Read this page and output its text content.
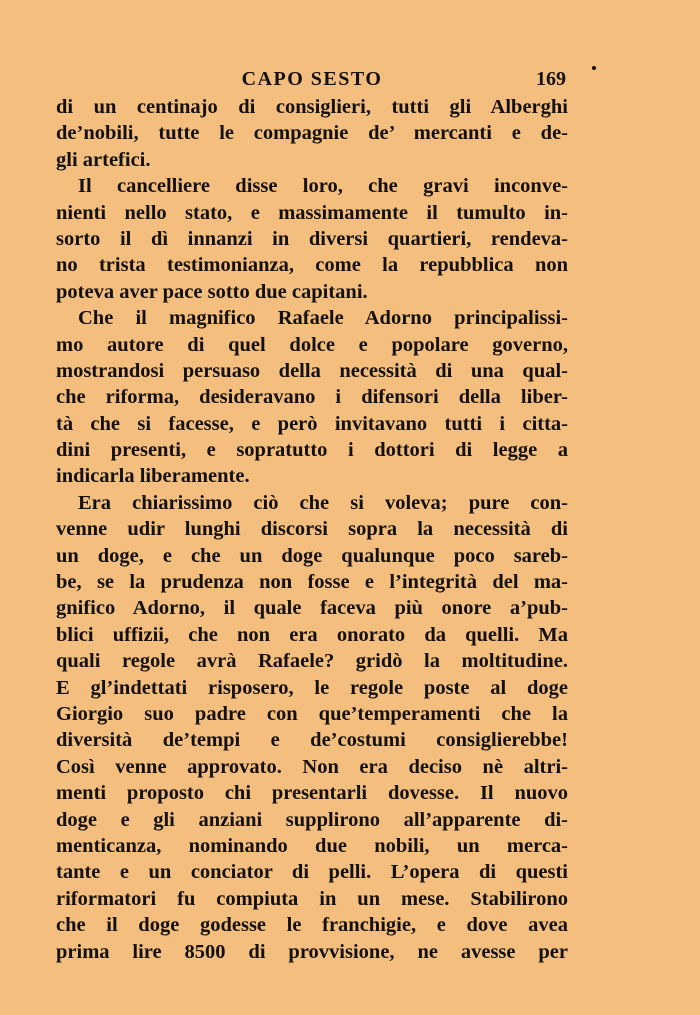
CAPO SESTO	169
di un centinajo di consiglieri, tutti gli Alberghi
de’nobili, tutte le compagnie de’ mercanti e de-
gli artefici.
Il cancelliere disse loro, che gravi inconve-
nienti nello stato, e massimamente il tumulto in-
sorto il dì innanzi in diversi quartieri, rendeva-
no trista testimonianza, come la repubblica non
poteva aver pace sotto due capitani.
Che il magnifico Rafaele Adorno principalissi-
mo autore di quel dolce e popolare governo,
mostrandosi persuaso della necessità di una qual-
che riforma, desideravano i difensori della liber-
tà che si facesse, e però invitavano tutti i citta-
dini presenti, e sopratutto i dottori di legge a
indicarla liberamente.
Era chiarissimo ciò che si voleva; pure con-
venne udir lunghi discorsi sopra la necessità di
un doge, e che un doge qualunque poco sareb-
be, se la prudenza non fosse e l’integrità del ma-
gnifico Adorno, il quale faceva più onore a’pub-
blici uffizii, che non era onorato da quelli. Ma
quali regole avrà Rafaele? gridò la moltitudine.
E gl’indettati risposero, le regole poste al doge
Giorgio suo padre con que’temperamenti che la
diversità de’tempi e de’costumi consiglierebbe!
Così venne approvato. Non era deciso nè altri-
menti proposto chi presentarli dovesse. Il nuovo
doge e gli anziani supplirono all’apparente di-
menticanza, nominando due nobili, un merca-
tante e un conciator di pelli. L’opera di questi
riformatori fu compiuta in un mese. Stabilirono
che il doge godesse le franchigie, e dove avea
prima lire 8500 di provvisione, ne avesse per
